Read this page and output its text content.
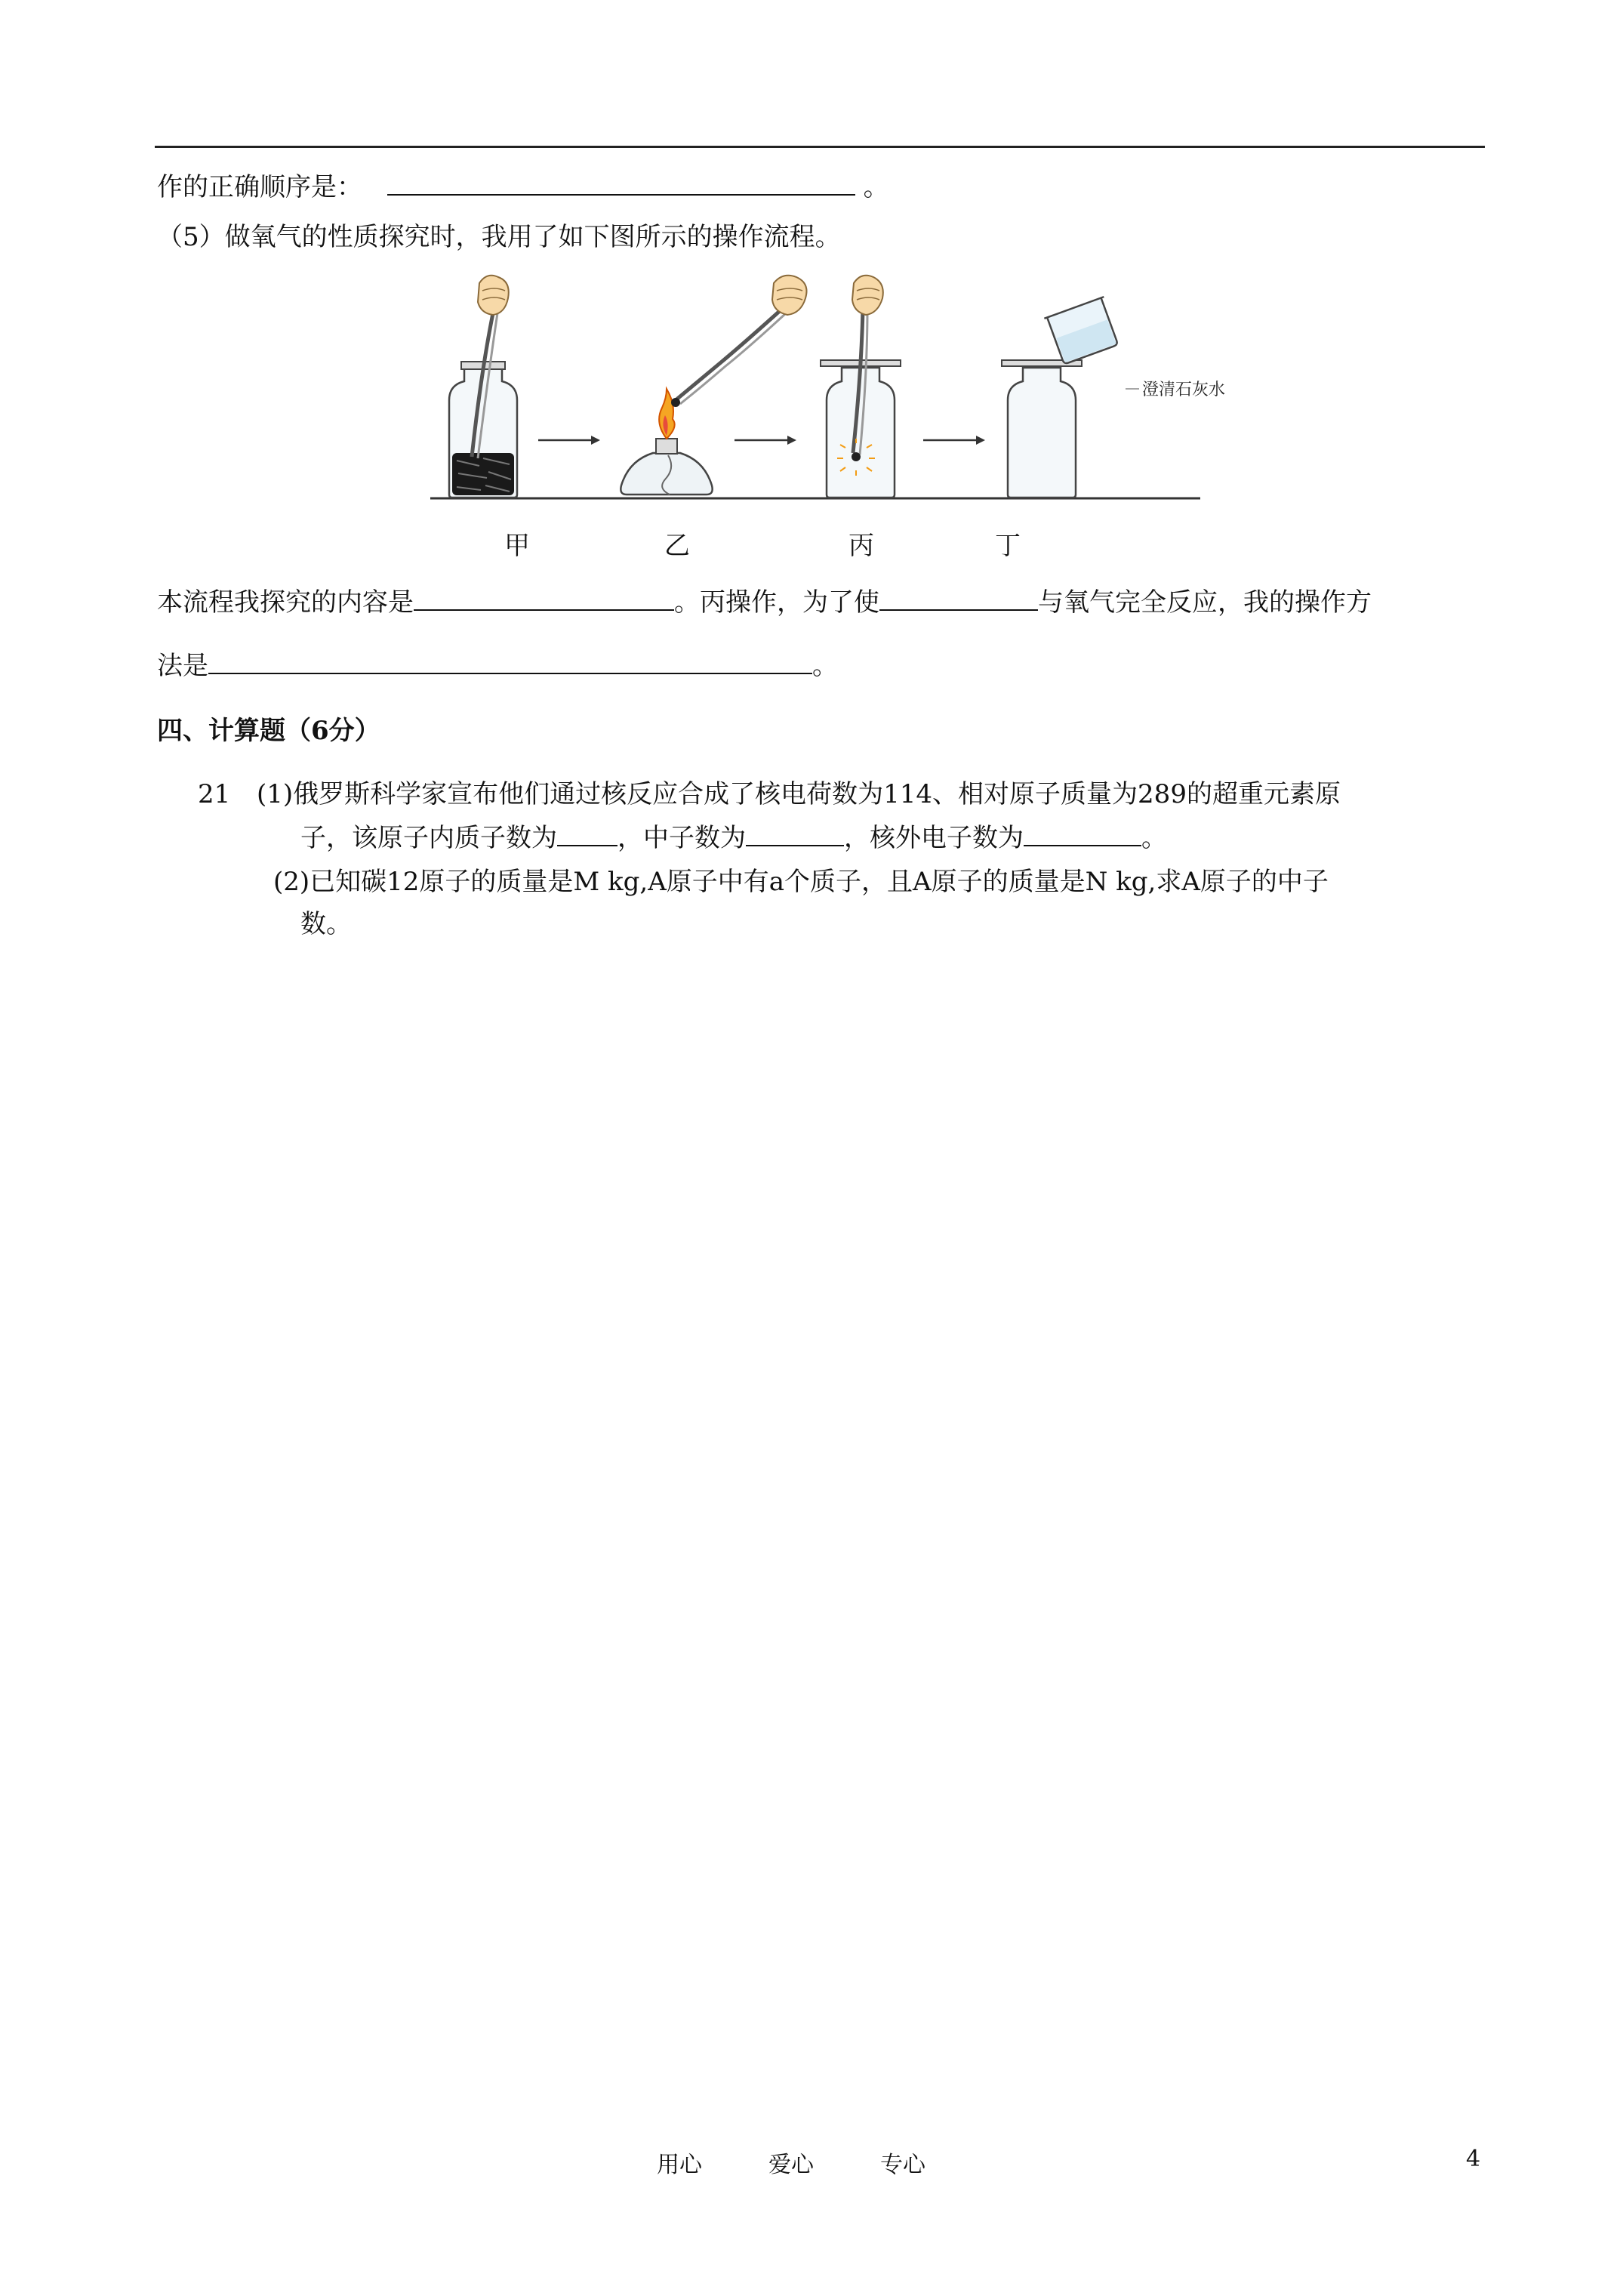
作的正确顺序是：	。
（5）做氧气的性质探究时，我用了如下图所示的操作流程。
澄清石灰水
甲	乙	丙	丁
本流程我探究的内容是	。丙操作，为了使	与氧气完全反应，我的操作方
法是	。
四、计算题（6分）
21 (1)俄罗斯科学家宣布他们通过核反应合成了核电荷数为114、相对原子质量为289的超重元素原
子，该原子内质子数为 ，中子数为	，核外电子数为	。
(2)已知碳12原子的质量是M kg,A原子中有a个质子，且A原子的质量是N kg,求A原子的中子
数。
用心	爱心	专心	4
